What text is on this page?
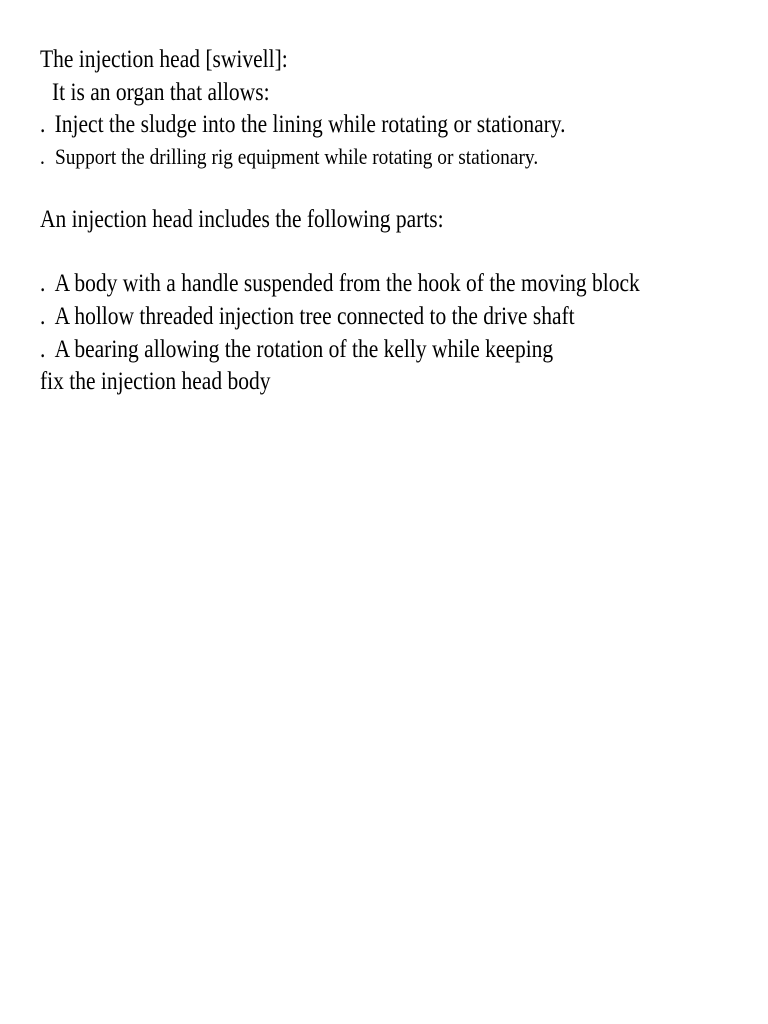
The injection head [swivell]:
It is an organ that allows:
. Inject the sludge into the lining while rotating or stationary.
. Support the drilling rig equipment while rotating or stationary.
An injection head includes the following parts:
. A body with a handle suspended from the hook of the moving block
. A hollow threaded injection tree connected to the drive shaft
. A bearing allowing the rotation of the kelly while keeping
fix the injection head body
